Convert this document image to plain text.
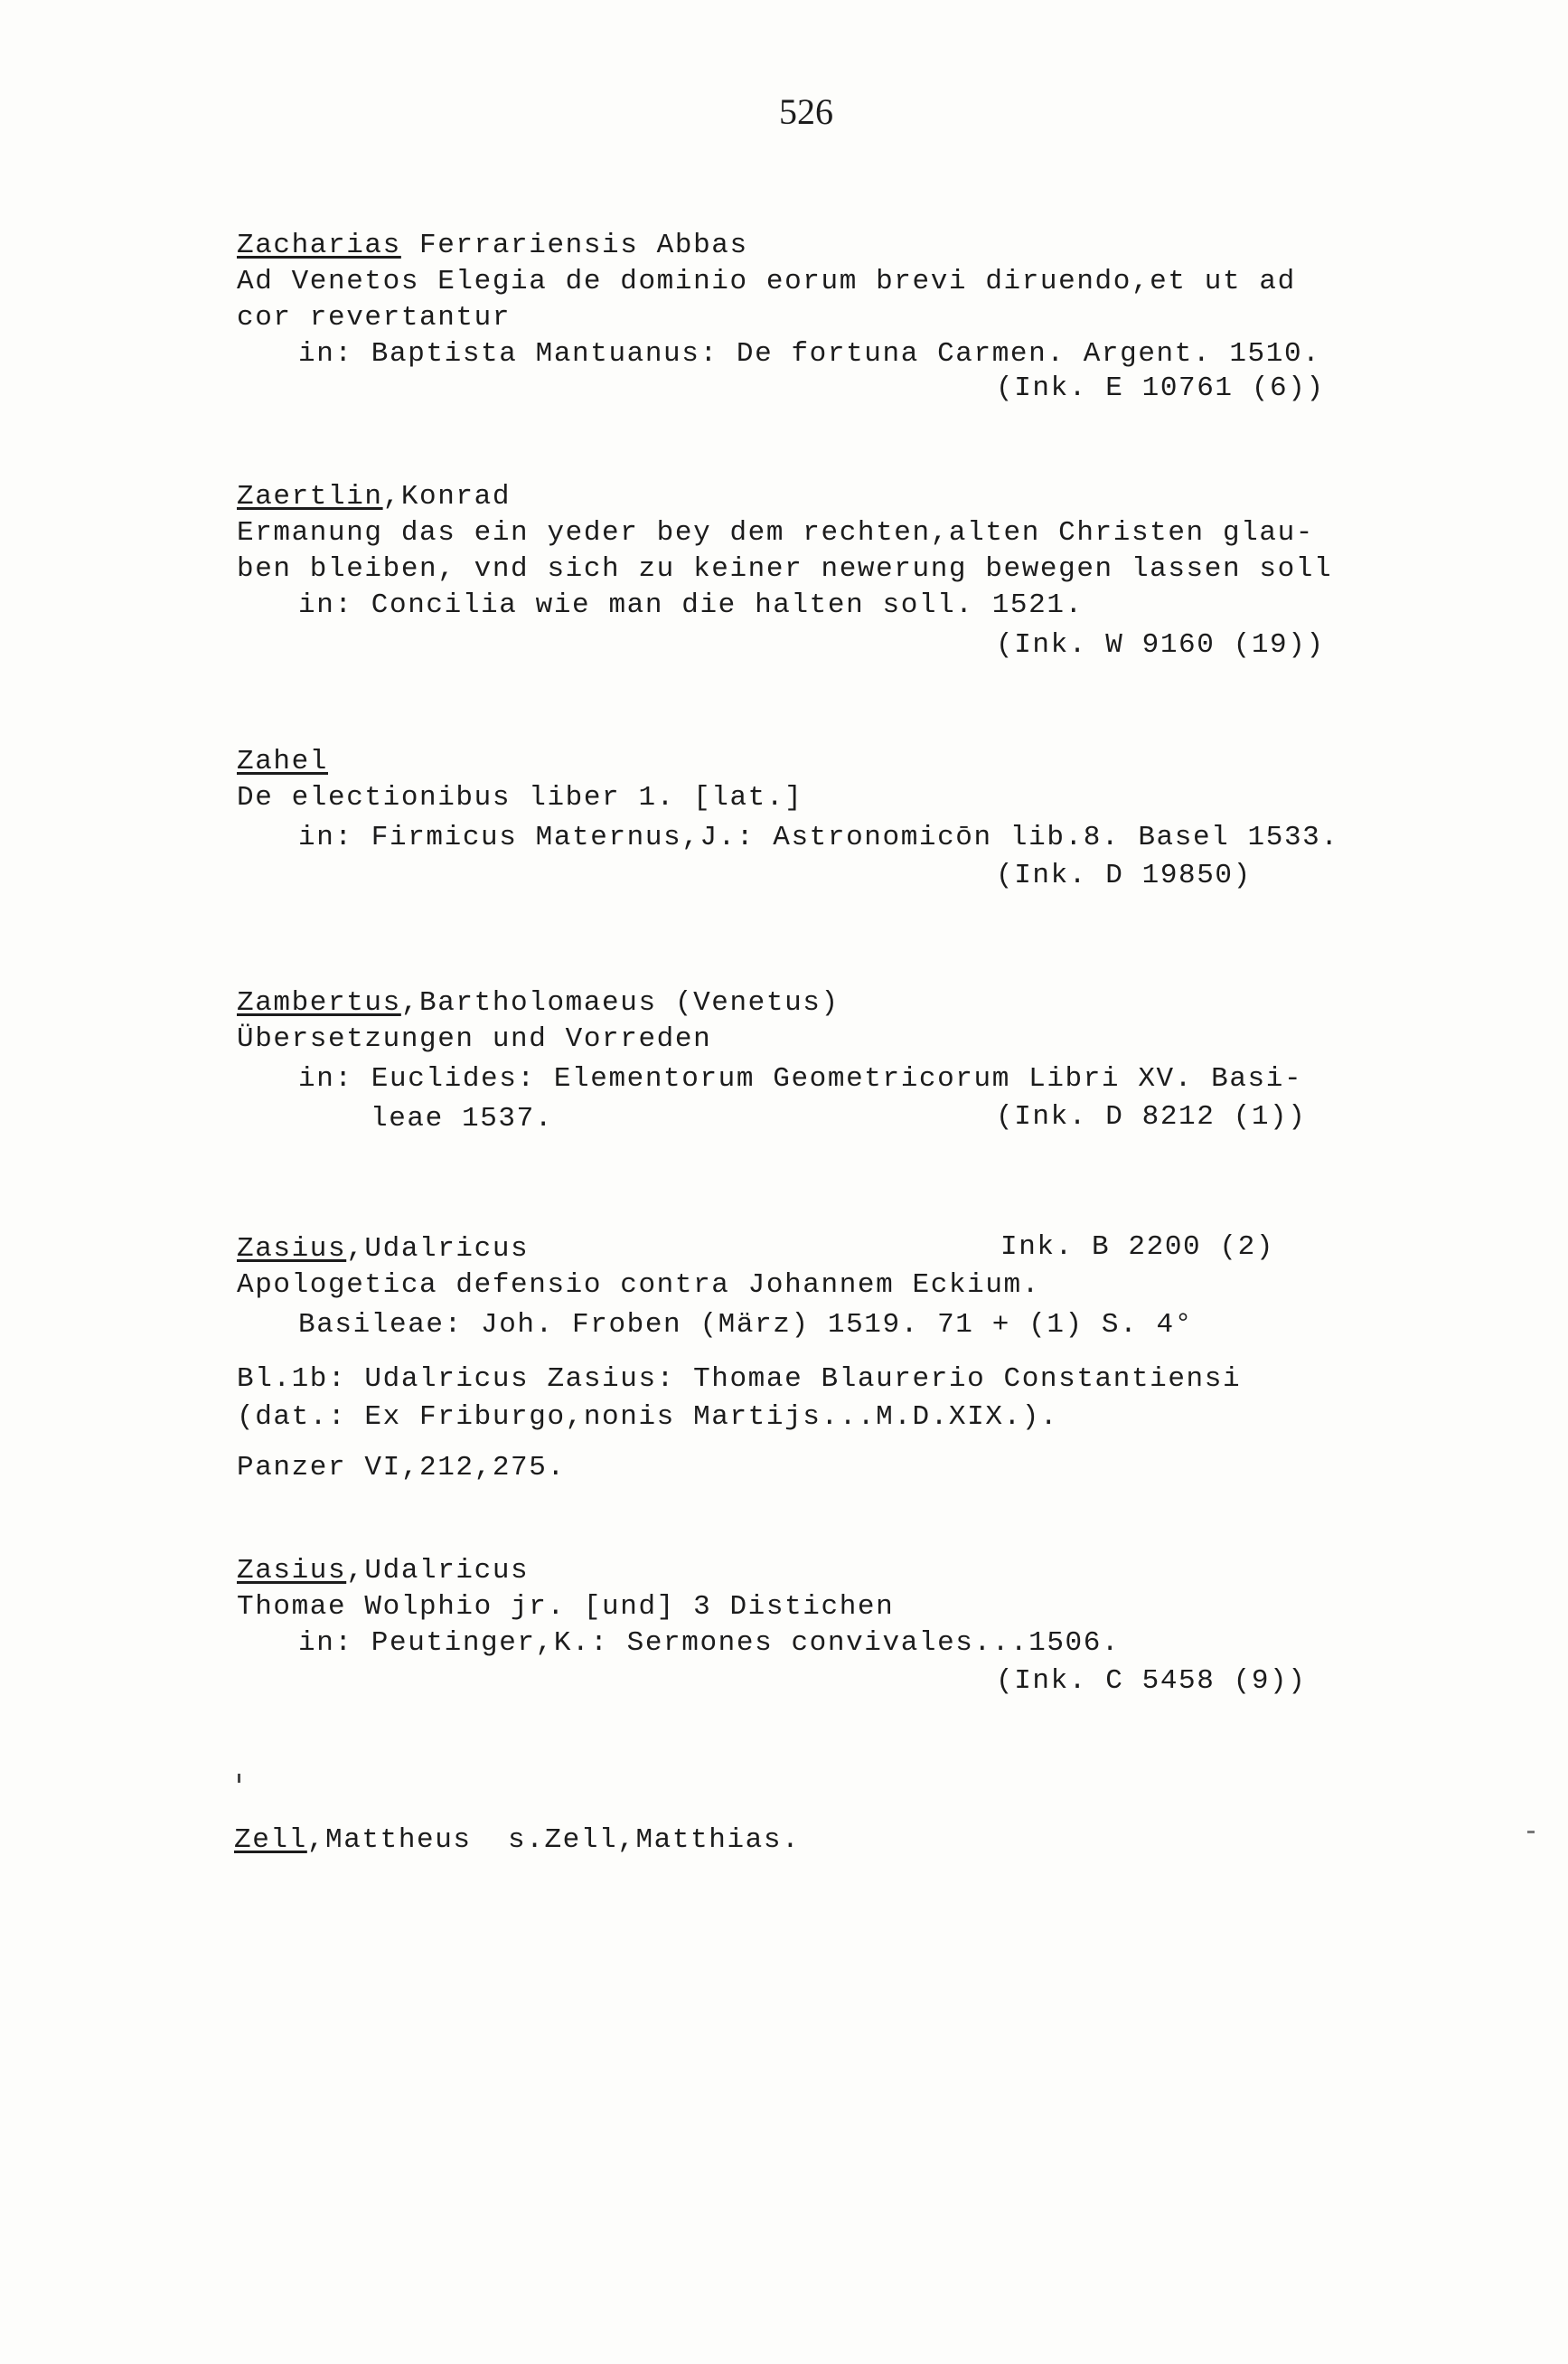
526
Zacharias Ferrariensis Abbas
Ad Venetos Elegia de dominio eorum brevi diruendo,et ut ad
cor revertantur
in: Baptista Mantuanus: De fortuna Carmen. Argent. 1510.
(Ink. E 10761 (6))
Zaertlin,Konrad
Ermanung das ein yeder bey dem rechten,alten Christen glau-
ben bleiben, vnd sich zu keiner newerung bewegen lassen soll
in: Concilia wie man die halten soll. 1521.
(Ink. W 9160 (19))
Zahel
De electionibus liber 1. [lat.]
in: Firmicus Maternus,J.: Astronomicōn lib.8. Basel 1533.
(Ink. D 19850)
Zambertus,Bartholomaeus (Venetus)
Übersetzungen und Vorreden
in: Euclides: Elementorum Geometricorum Libri XV. Basi-
leae 1537.	(Ink. D 8212 (1))
Zasius,Udalricus	Ink. B 2200 (2)
Apologetica defensio contra Johannem Eckium.
Basileae: Joh. Froben (März) 1519. 71 + (1) S. 4°
Bl.1b: Udalricus Zasius: Thomae Blaurerio Constantiensi
(dat.: Ex Friburgo,nonis Martijs...M.D.XIX.).
Panzer VI,212,275.
Zasius,Udalricus
Thomae Wolphio jr. [und] 3 Distichen
in: Peutinger,K.: Sermones convivales...1506.
(Ink. C 5458 (9))
Zell,Mattheus  s.Zell,Matthias.
